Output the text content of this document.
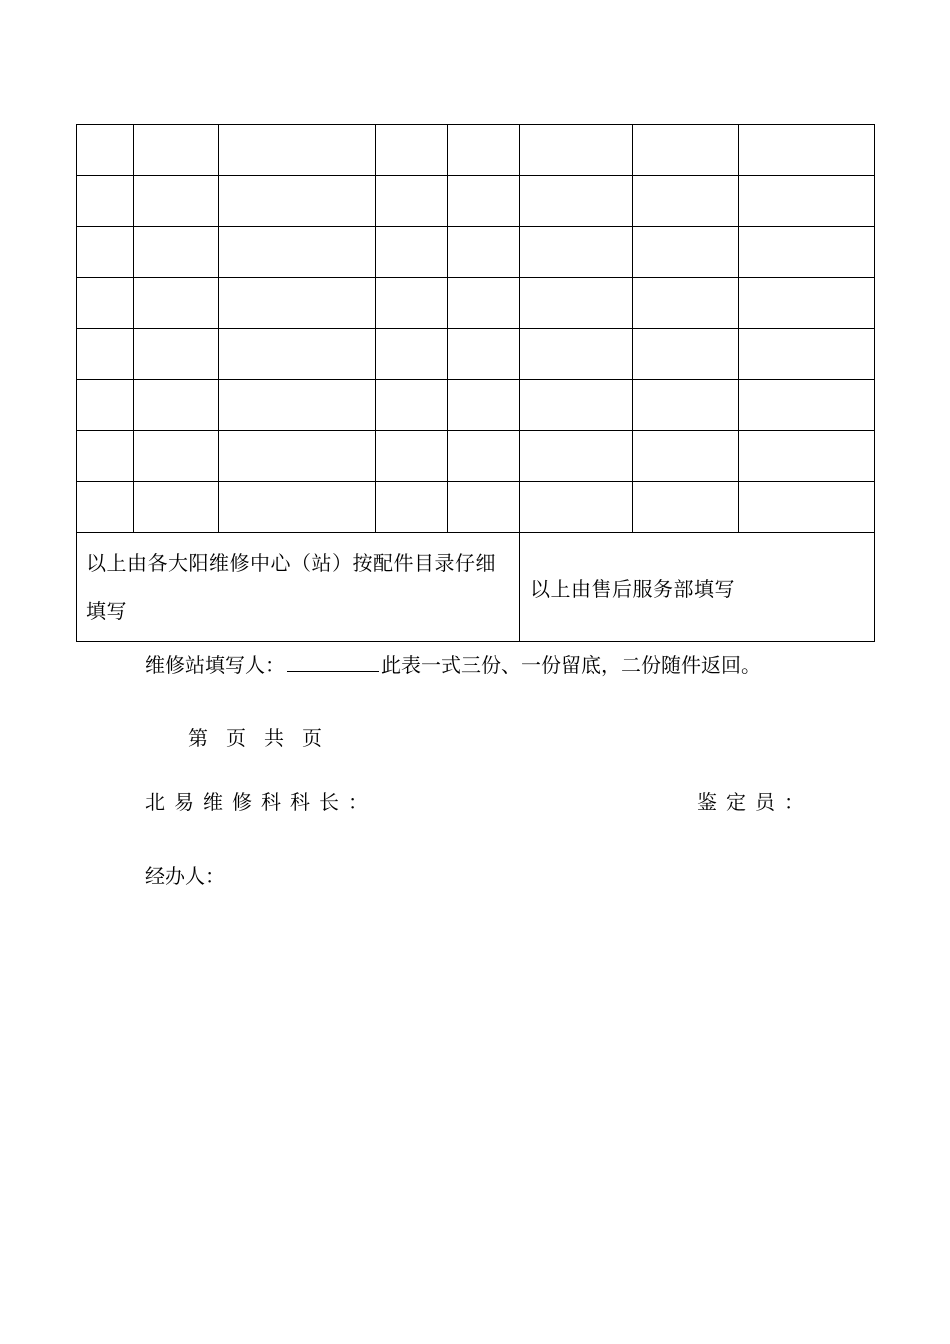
以上由各大阳维修中心（站）按配件目录仔细填写					以上由售后服务部填写		
维修站填写人：	此表一式三份、一份留底，二份随件返回。
第 页 共 页
北易维修科科长：	鉴定员：
经办人：
